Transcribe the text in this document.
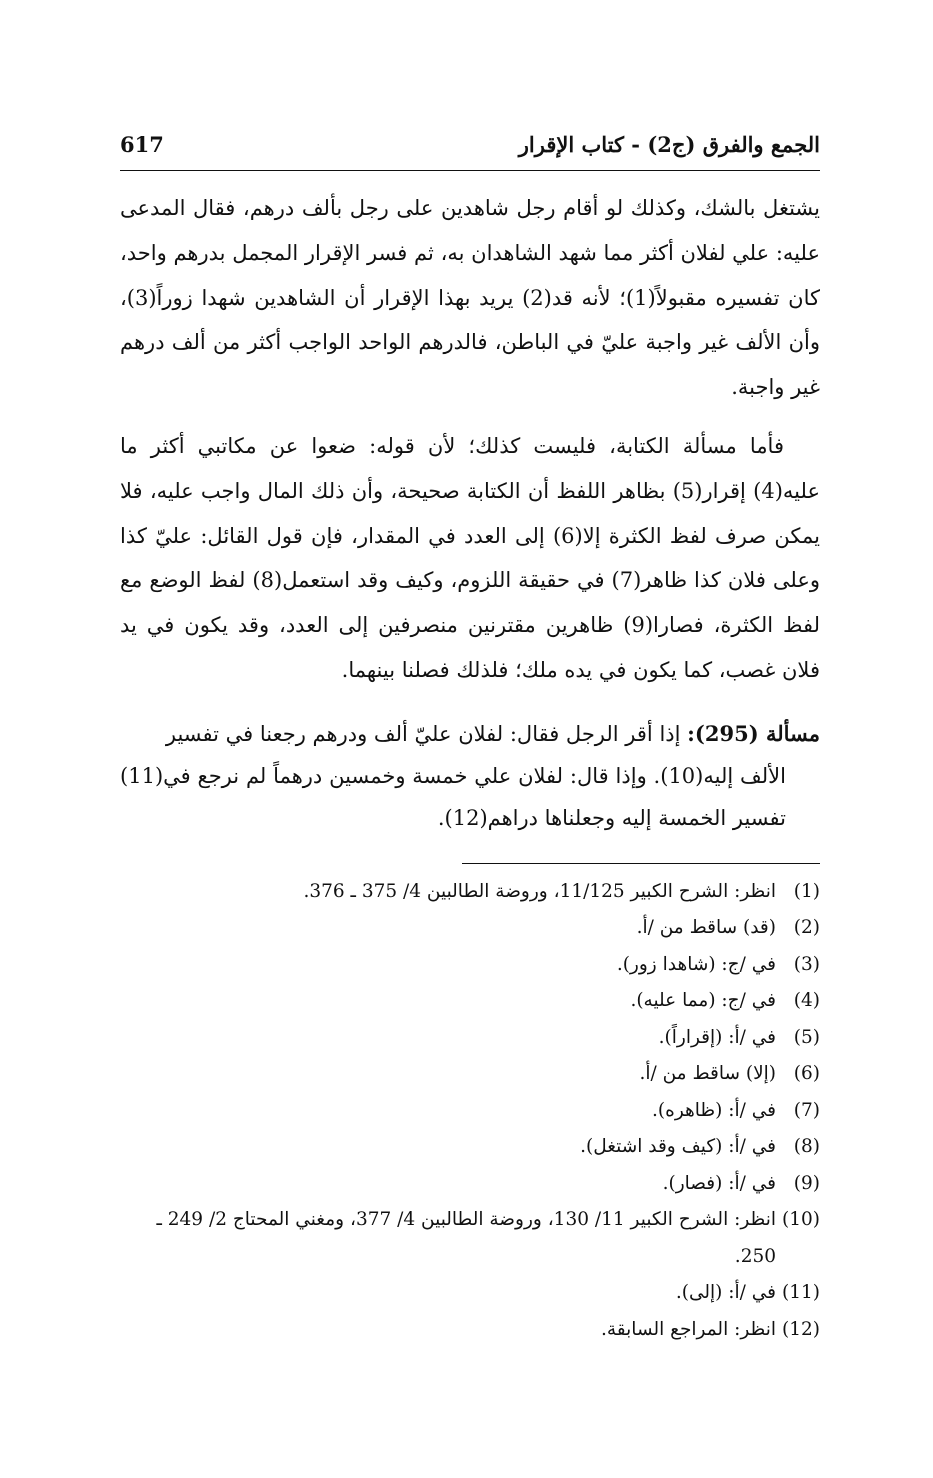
الجمع والفرق (ج2) - كتاب الإقرار
617

يشتغل بالشك، وكذلك لو أقام رجل شاهدين على رجل بألف درهم، فقال المدعى عليه: علي لفلان أكثر مما شهد الشاهدان به، ثم فسر الإقرار المجمل بدرهم واحد، كان تفسيره مقبولاً(1)؛ لأنه قد(2) يريد بهذا الإقرار أن الشاهدين شهدا زوراً(3)، وأن الألف غير واجبة عليّ في الباطن، فالدرهم الواحد الواجب أكثر من ألف درهم غير واجبة.

فأما مسألة الكتابة، فليست كذلك؛ لأن قوله: ضعوا عن مكاتبي أكثر ما عليه(4) إقرار(5) بظاهر اللفظ أن الكتابة صحيحة، وأن ذلك المال واجب عليه، فلا يمكن صرف لفظ الكثرة إلا(6) إلى العدد في المقدار، فإن قول القائل: عليّ كذا وعلى فلان كذا ظاهر(7) في حقيقة اللزوم، وكيف وقد استعمل(8) لفظ الوضع مع لفظ الكثرة، فصارا(9) ظاهرين مقترنين منصرفين إلى العدد، وقد يكون في يد فلان غصب، كما يكون في يده ملك؛ فلذلك فصلنا بينهما.

مسألة (295): إذا أقر الرجل فقال: لفلان عليّ ألف ودرهم رجعنا في تفسير
الألف إليه(10). وإذا قال: لفلان علي خمسة وخمسين درهماً لم نرجع في(11) تفسير الخمسة إليه وجعلناها دراهم(12).
(1)
انظر: الشرح الكبير 11/125، وروضة الطالبين 4/ 375 ـ 376.
(2)
(قد) ساقط من /أ.
(3)
في /ج: (شاهدا زور).
(4)
في /ج: (مما عليه).
(5)
في /أ: (إقراراً).
(6)
(إلا) ساقط من /أ.
(7)
في /أ: (ظاهره).
(8)
في /أ: (كيف وقد اشتغل).
(9)
في /أ: (فصار).
(10)
انظر: الشرح الكبير 11/ 130، وروضة الطالبين 4/ 377، ومغني المحتاج 2/ 249 ـ 250.
(11)
في /أ: (إلى).
(12)
انظر: المراجع السابقة.
